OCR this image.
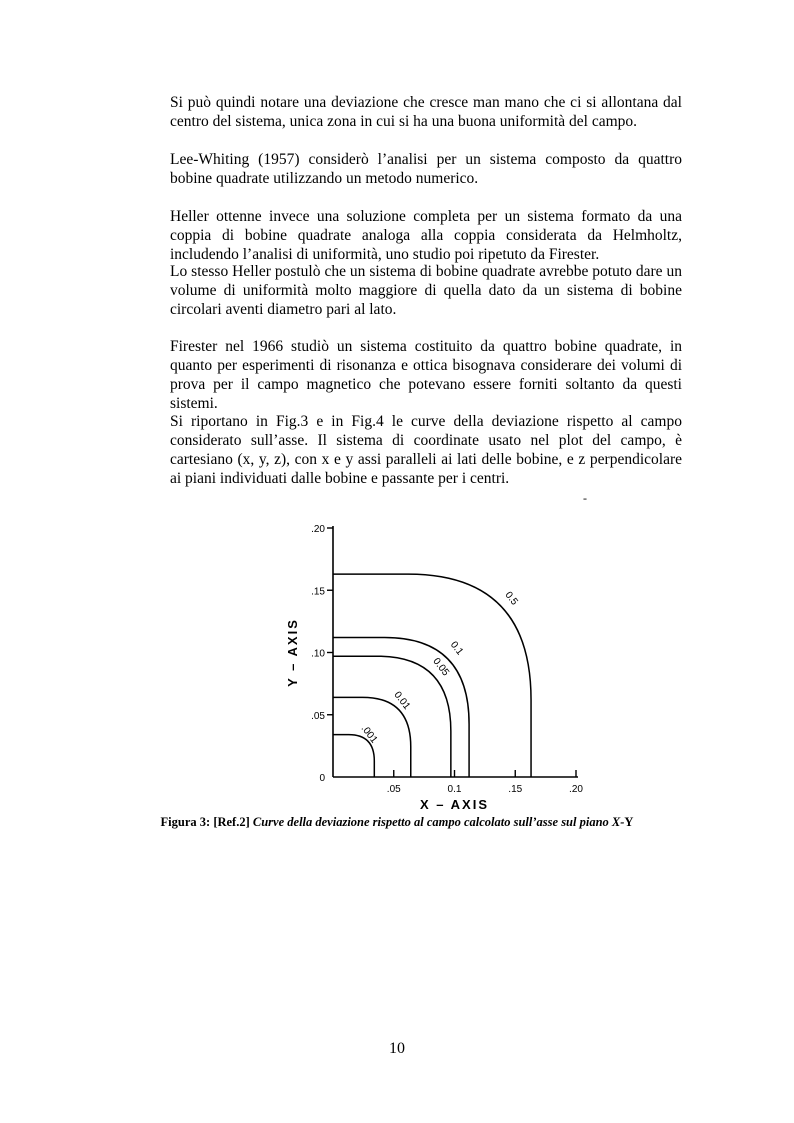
Si può quindi notare una deviazione che cresce man mano che ci si allontana dal centro del sistema, unica zona in cui si ha una buona uniformità del campo.

Lee-Whiting (1957) considerò l’analisi per un sistema composto da quattro bobine quadrate utilizzando un metodo numerico.

Heller ottenne invece una soluzione completa per un sistema formato da una coppia di bobine quadrate analoga alla coppia considerata da Helmholtz, includendo l’analisi di uniformità, uno studio poi ripetuto da Firester.

Lo stesso Heller postulò che un sistema di bobine quadrate avrebbe potuto dare un volume di uniformità molto maggiore di quella dato da un sistema di bobine circolari aventi diametro pari al lato.

Firester nel 1966 studiò un sistema costituito da quattro bobine quadrate, in quanto per esperimenti di risonanza e ottica bisognava considerare dei volumi di prova per il campo magnetico che potevano essere forniti soltanto da questi sistemi.

Si riportano in Fig.3 e in Fig.4 le curve della deviazione rispetto al campo considerato sull’asse. Il sistema di coordinate usato nel plot del campo, è cartesiano (x, y, z), con x e y assi paralleli ai lati delle bobine, e z perpendicolare ai piani individuati dalle bobine e passante per i centri.

-
0
.05
.10
.15
.20
.05	0.1	.15	.20
X – AXIS
Y – AXIS
.001
0.01
0.05
0.1
0.5
Figura 3: [Ref.2] Curve della deviazione rispetto al campo calcolato sull’asse sul piano X-Y
10
